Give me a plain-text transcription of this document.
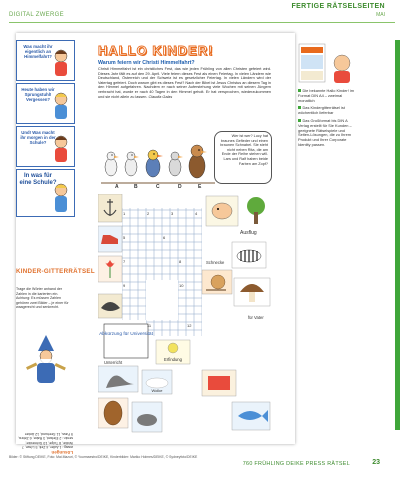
DIGITAL ZWERGE
FERTIGE RÄTSELSEITEN
MAI
Was macht ihr eigentlich an Himmelfahrt?
Heute haben wir Sprungstuhl! Vergessen?
Und! Was macht ihr morgen in der Schule?
In was für eine Schule?
KINDER-GITTERRÄTSEL
Trage die Wörter anhand der Zahlen in die karierten ein. Achtung: Es müssen Zahlen gehören zwei Bilder – je einer für waagerecht und senkrecht.
Lösungen
waag.: 1 Adler, 4 Zelt, 5 Löwe, 7 Wolke, 8 Tulpe, 10 Schnecke; senkr.: 2 Elefant, 3 Rabe, 6 Zebra, 9 Fass, 11 Seehund, 12 Anker
HALLO KINDER!
Warum feiern wir Christi Himmelfahrt?
Christi Himmelfahrt ist ein christliches Fest, das wie jeden Frühling von allen Christen gefeiert wird. Dieses Jahr fällt es auf den 29. April. Viele feiern dieses Fest als einen Feiertag. In vielen Ländern wie Deutschland, Österreich und der Schweiz ist es gesetzlicher Feiertag. In vielen Ländern wird der Vatertag gefeiert. Doch warum gibt es dieses Fest? Nach der Bibel ist Jesus Christus an diesem Tag in den Himmel aufgefahren. Nachdem er nach seiner Auferstehung viele Wochen mit seinen Jüngern verbracht hat, wurde er nach 40 Tagen in den Himmel geholt. Er hat versprochen, wiederzukommen und sie nicht allein zu lassen. Claudia Galas
Wer ist wer? Lucy hat braunes Gefieder und einen braunen Schnabel. Sie steht nicht neben Rita, die am Ende der Reihe stehen will. Lars und Ralf haben beide Farben am Zopf?
A	B	C	D	E
Ausflug
Abkürzung für Universität
Erfindung
Wolke
für Vater
Schnecke
Unterricht
1	2	3	4
5	6
7	8
9	10
11	12
Die bekannte Hallo Kinder! im Format DIN A4 – zweimal monatlich
Das Kindergitterrätsel ist wöchentlich lieferbar
Das Großformat bis DIN A Verlag erstellt für Sie Kunden – geeignete Rätselspiele und Seiten-Lösungen, die zu Ihrem Produkt und Ihrer Corporate Identity passen.
Bilder: © Stiftung DEIKE, Foto: Mai.Mazuri, © Yourmaestro/DEIKE, Kinderbilder: Mariko Holmes/DEIKE, © Sydneyfoto/DEIKE
760 FRÜHLING DEIKE PRESS RÄTSEL	23
